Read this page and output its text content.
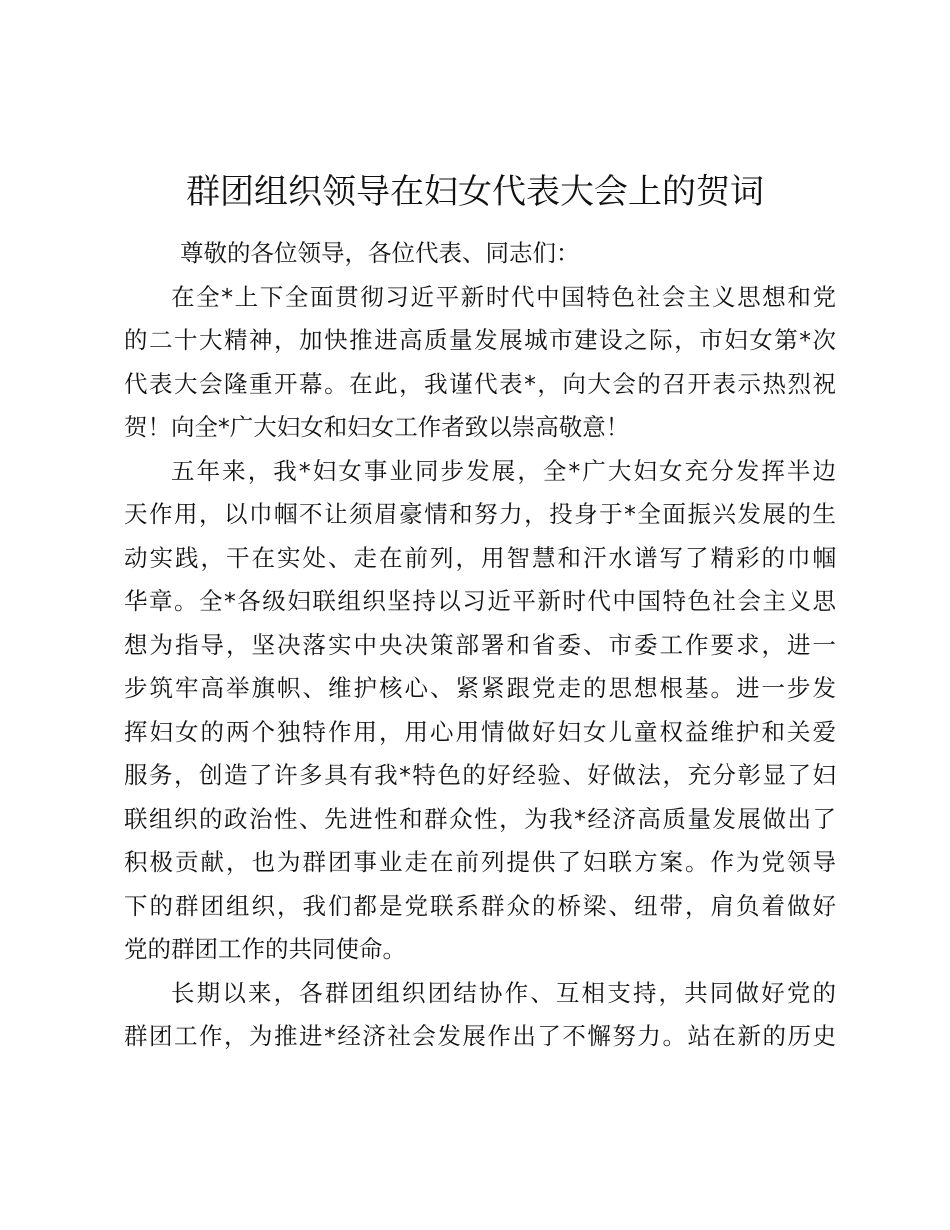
群团组织领导在妇女代表大会上的贺词

尊敬的各位领导，各位代表、同志们：

在全*上下全面贯彻习近平新时代中国特色社会主义思想和党

的二十大精神，加快推进高质量发展城市建设之际，市妇女第*次

代表大会隆重开幕。在此，我谨代表*，向大会的召开表示热烈祝

贺！向全*广大妇女和妇女工作者致以崇高敬意！

五年来，我*妇女事业同步发展，全*广大妇女充分发挥半边

天作用，以巾帼不让须眉豪情和努力，投身于*全面振兴发展的生

动实践，干在实处、走在前列，用智慧和汗水谱写了精彩的巾帼

华章。全*各级妇联组织坚持以习近平新时代中国特色社会主义思

想为指导，坚决落实中央决策部署和省委、市委工作要求，进一

步筑牢高举旗帜、维护核心、紧紧跟党走的思想根基。进一步发

挥妇女的两个独特作用，用心用情做好妇女儿童权益维护和关爱

服务，创造了许多具有我*特色的好经验、好做法，充分彰显了妇

联组织的政治性、先进性和群众性，为我*经济高质量发展做出了

积极贡献，也为群团事业走在前列提供了妇联方案。作为党领导

下的群团组织，我们都是党联系群众的桥梁、纽带，肩负着做好

党的群团工作的共同使命。

长期以来，各群团组织团结协作、互相支持，共同做好党的

群团工作，为推进*经济社会发展作出了不懈努力。站在新的历史
